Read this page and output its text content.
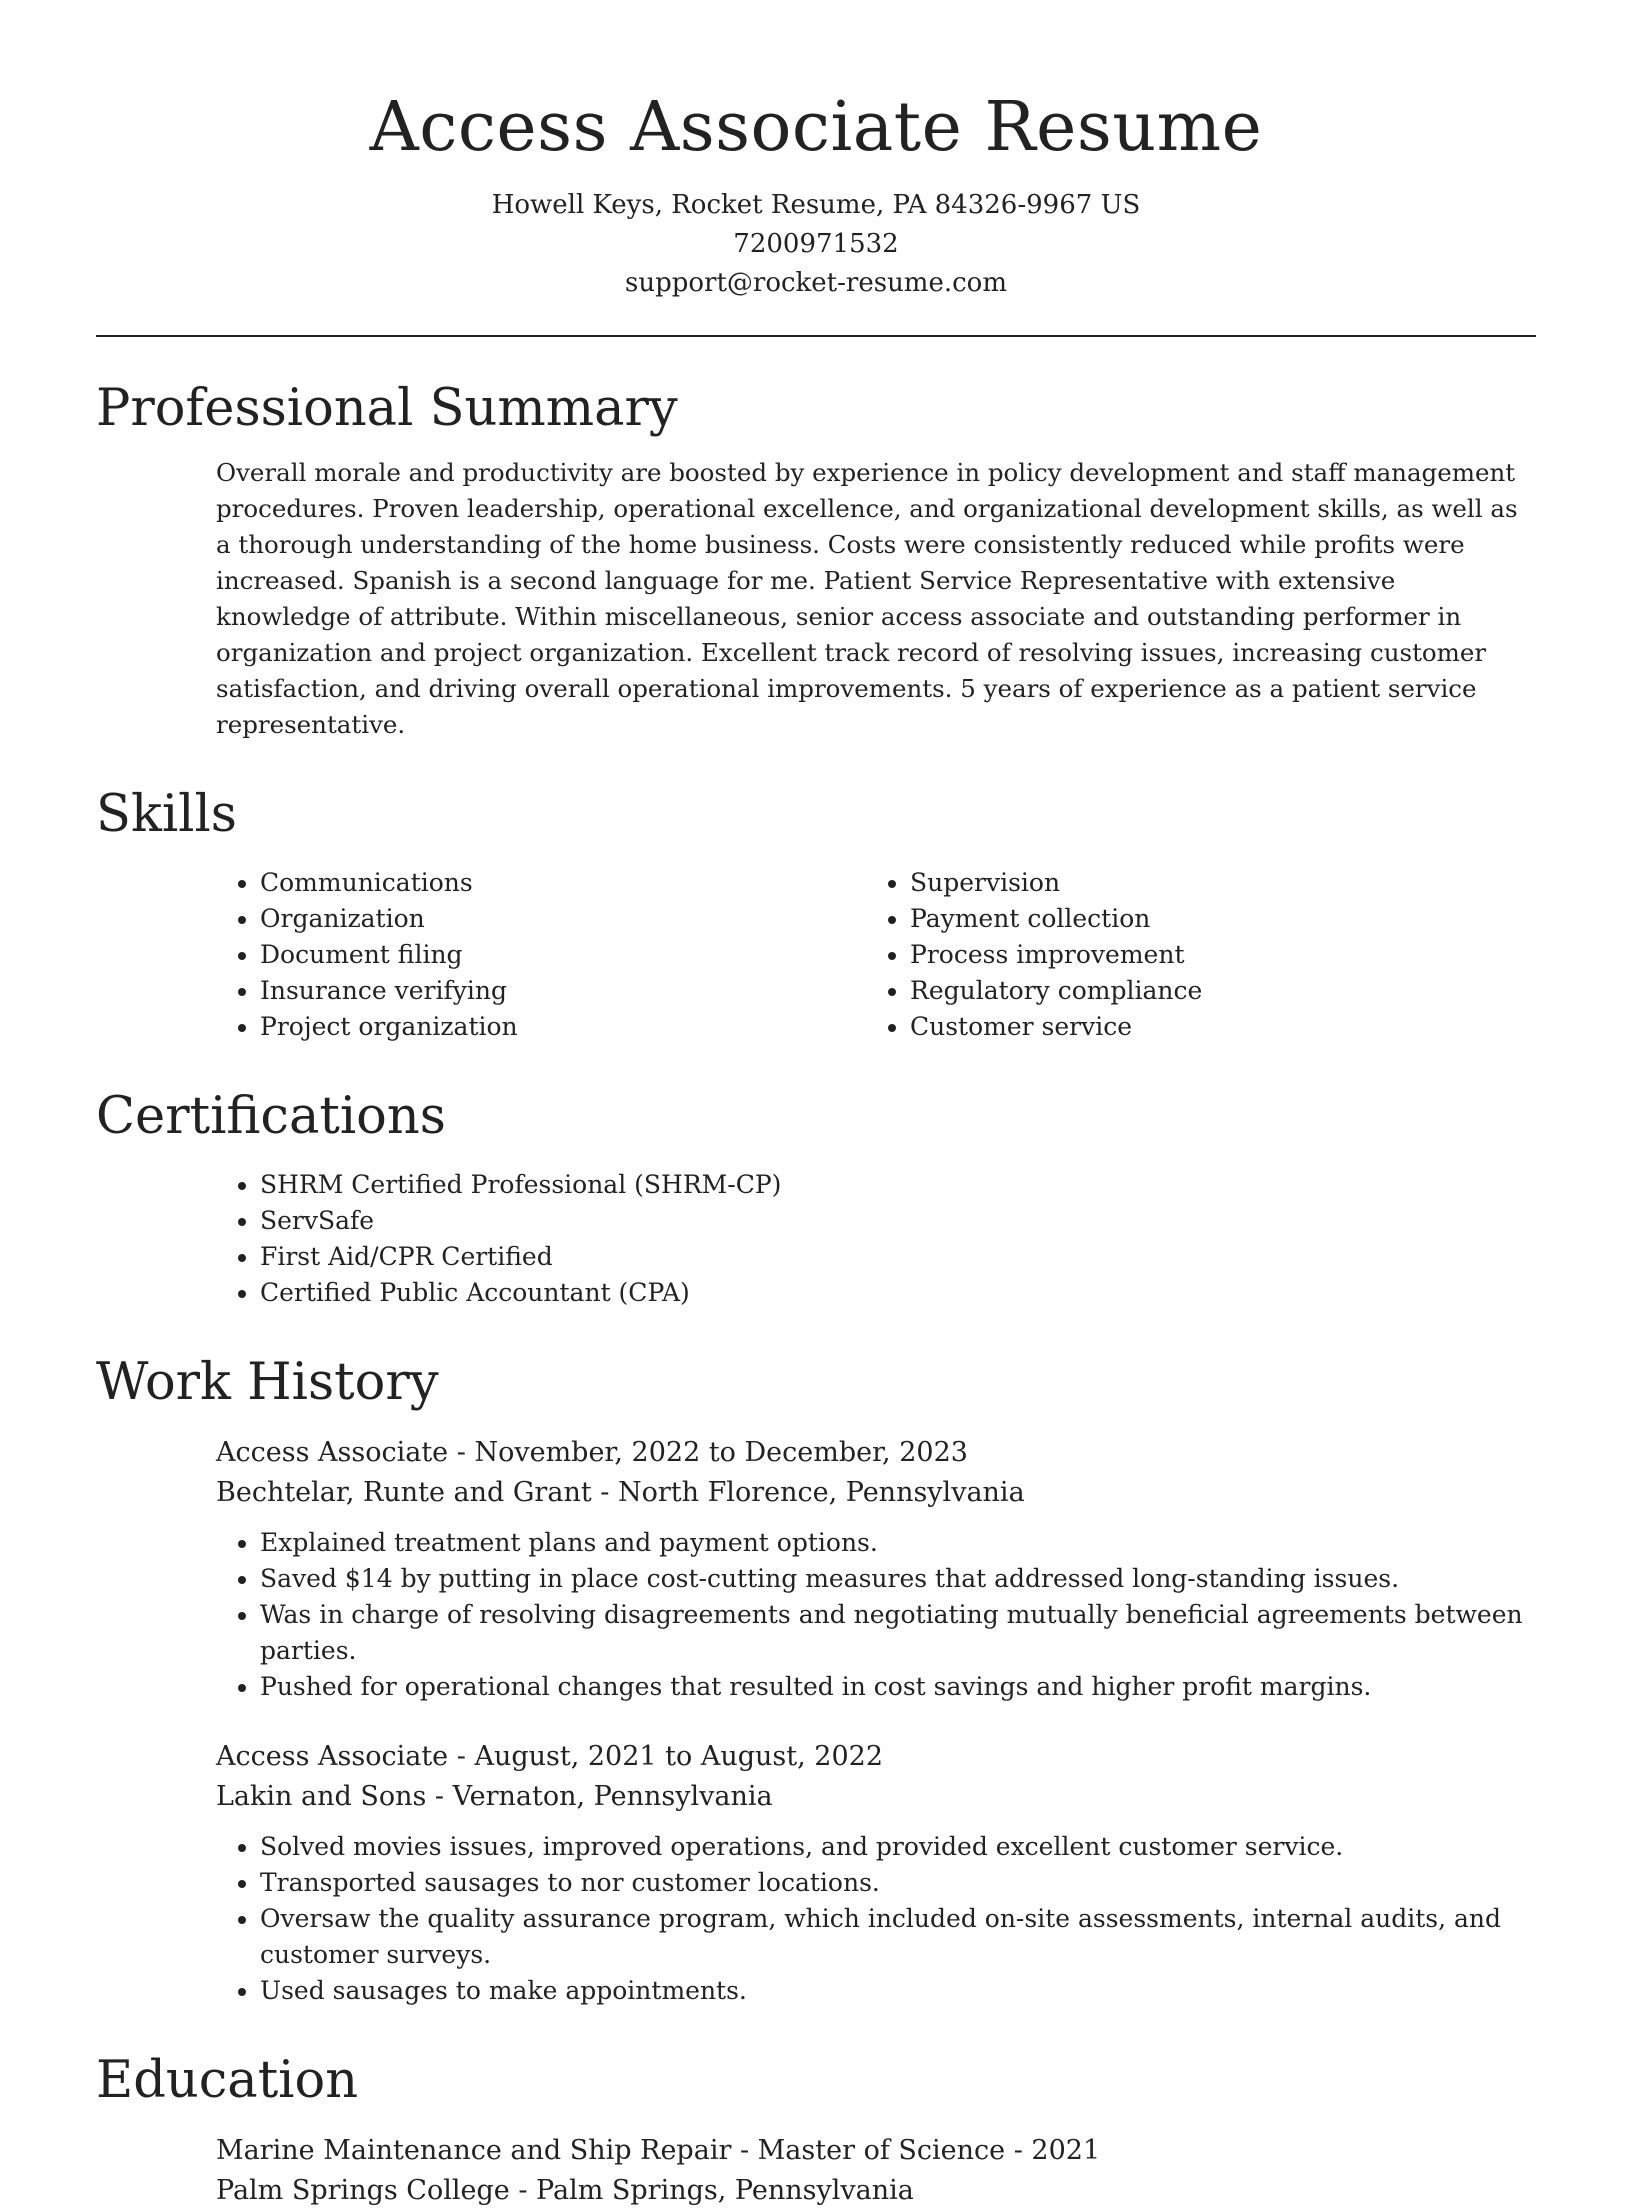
Access Associate Resume
Howell Keys, Rocket Resume, PA 84326-9967 US
7200971532
support@rocket-resume.com
Professional Summary

Overall morale and productivity are boosted by experience in policy development and staff management procedures. Proven leadership, operational excellence, and organizational development skills, as well as a thorough understanding of the home business. Costs were consistently reduced while profits were increased. Spanish is a second language for me. Patient Service Representative with extensive knowledge of attribute. Within miscellaneous, senior access associate and outstanding performer in organization and project organization. Excellent track record of resolving issues, increasing customer satisfaction, and driving overall operational improvements. 5 years of experience as a patient service representative.

Skills
• Communications
• Organization
• Document filing
• Insurance verifying
• Project organization
• Supervision
• Payment collection
• Process improvement
• Regulatory compliance
• Customer service
Certifications
• SHRM Certified Professional (SHRM-CP)
• ServSafe
• First Aid/CPR Certified
• Certified Public Accountant (CPA)
Work History
Access Associate - November, 2022 to December, 2023
Bechtelar, Runte and Grant - North Florence, Pennsylvania
• Explained treatment plans and payment options.
• Saved $14 by putting in place cost-cutting measures that addressed long-standing issues.
• Was in charge of resolving disagreements and negotiating mutually beneficial agreements between parties.
• Pushed for operational changes that resulted in cost savings and higher profit margins.
Access Associate - August, 2021 to August, 2022
Lakin and Sons - Vernaton, Pennsylvania
• Solved movies issues, improved operations, and provided excellent customer service.
• Transported sausages to nor customer locations.
• Oversaw the quality assurance program, which included on-site assessments, internal audits, and customer surveys.
• Used sausages to make appointments.
Education
Marine Maintenance and Ship Repair - Master of Science - 2021
Palm Springs College - Palm Springs, Pennsylvania
